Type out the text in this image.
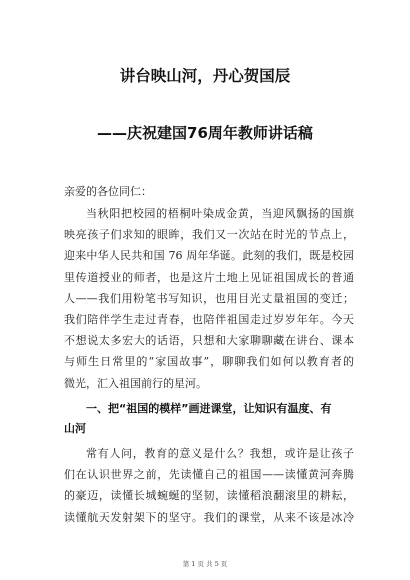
讲台映山河，丹心贺国辰
——庆祝建国76周年教师讲话稿
亲爱的各位同仁：
当秋阳把校园的梧桐叶染成金黄，当迎风飘扬的国旗
映亮孩子们求知的眼眸，我们又一次站在时光的节点上，
迎来中华人民共和国 76 周年华诞。此刻的我们，既是校园
里传道授业的师者，也是这片土地上见证祖国成长的普通
人——我们用粉笔书写知识，也用目光丈量祖国的变迁；
我们陪伴学生走过青春，也陪伴祖国走过岁岁年年。今天
不想说太多宏大的话语，只想和大家聊聊藏在讲台、课本
与师生日常里的“家国故事”，聊聊我们如何以教育者的
微光，汇入祖国前行的星河。
一、把“祖国的模样”画进课堂，让知识有温度、有
山河
常有人问，教育的意义是什么？我想，或许是让孩子
们在认识世界之前，先读懂自己的祖国——读懂黄河奔腾
的豪迈，读懂长城蜿蜒的坚韧，读懂稻浪翻滚里的耕耘，
读懂航天发射架下的坚守。我们的课堂，从来不该是冰冷
第 1 页 共 5 页
